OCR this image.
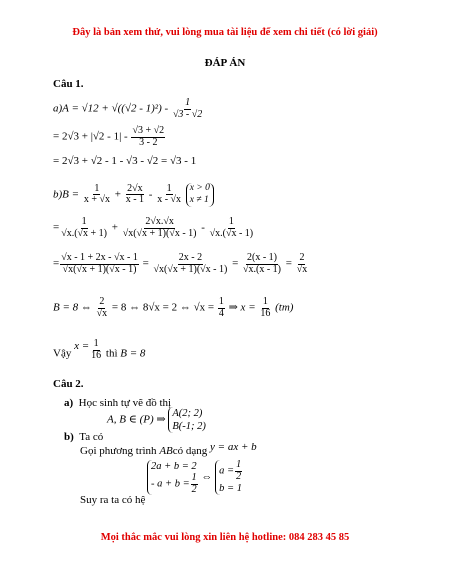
Đây là bản xem thử, vui lòng mua tài liệu để xem chi tiết (có lời giải)
ĐÁP ÁN
Câu 1.
$a)A = √12 + √((√2 - 1)^2) - \frac{1}{√3 - √2}$
= $2√3 + |√2 - 1| - \frac{√3 + √2}{3 - 2}$
= 2√3 + √2 - 1 - √3 - √2 = √3 - 1
$b)B = \frac{1}{x + √x} + \frac{2√x}{x - 1} - \frac{1}{x - √x}$ x > 0
x ≠ 1
= $\frac{1}{√x.(√x + 1)} + \frac{2√x.√x}{√x(√x + 1)(√x - 1)} - \frac{1}{√x.(√x - 1)}$
= $\frac{√x - 1 + 2x - √x - 1}{√x(√x + 1)(√x - 1)} = \frac{2x - 2}{√x(√x + 1)(√x - 1)} = \frac{2(x - 1)}{√x.(x - 1)} = \frac{2}{√x}$
B = 8 ⇔ $\frac{2}{√x} = 8$ ⇔ 8√x = 2 ⇔ $√x = \frac{1}{4}$ ⇒ $x = \frac{1}{16} (tm)$
Vậy $x = \frac{1}{16}$ thì B = 8
Câu 2.
a) Học sinh tự vẽ đồ thị
A, B ∈ (P) ⇒ A(2; 2)
B(-1; 2)
b) Ta có
Gọi phương trình ABcó dạng y = ax + b
Suy ra ta có hệ
2a + b = 2
- $a + b = \frac{1}{2}$ ⇔ $a = \frac{1}{2}$

b = 1
Mọi thắc mắc vui lòng xin liên hệ hotline: 084 283 45 85
